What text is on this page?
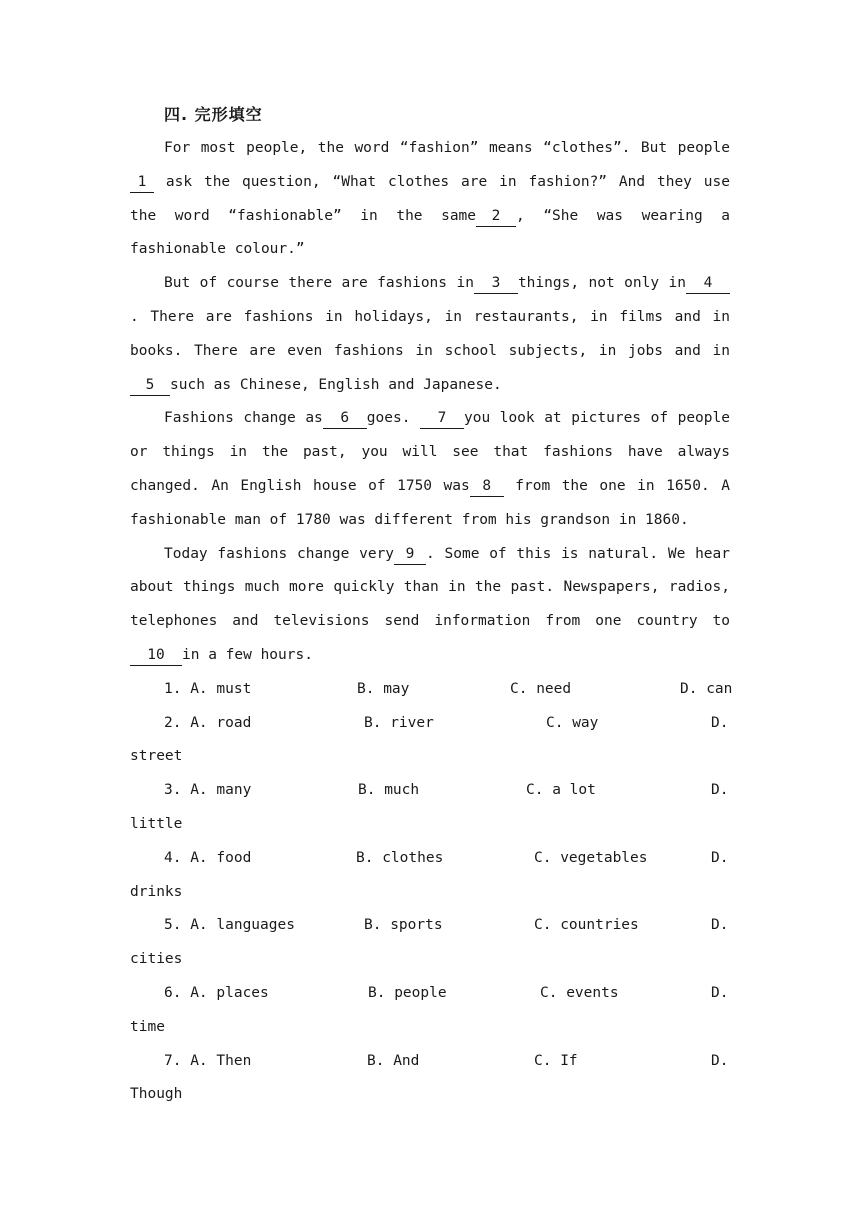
四. 完形填空

For most people, the word “fashion” means “clothes”. But people 1 ask the question, “What clothes are in fashion?” And they use the word “fashionable” in the same 2 , “She was wearing a fashionable colour.”

But of course there are fashions in 3 things, not only in 4. There are fashions in holidays, in restaurants, in films and in books. There are even fashions in school subjects, in jobs and in5 such as Chinese, English and Japanese.

Fashions change as 6 goes. 7 you look at pictures of people or things in the past, you will see that fashions have always changed. An English house of 1750 was 8 from the one in 1650. A fashionable man of 1780 was different from his grandson in 1860.

Today fashions change very 9 . Some of this is natural. We hear about things much more quickly than in the past. Newspapers, radios, telephones and televisions send information from one country to10 in a few hours.

1. A. must	B. may	C. need	D. can
2. A. road	B. river	C. way	D.
street
3. A. many	B. much	C. a lot	D.
little
4. A. food	B. clothes	C. vegetables	D.
drinks
5. A. languages	B. sports	C. countries	D.
cities
6. A. places	B. people	C. events	D.
time
7. A. Then	B. And	C. If	D.
Though
